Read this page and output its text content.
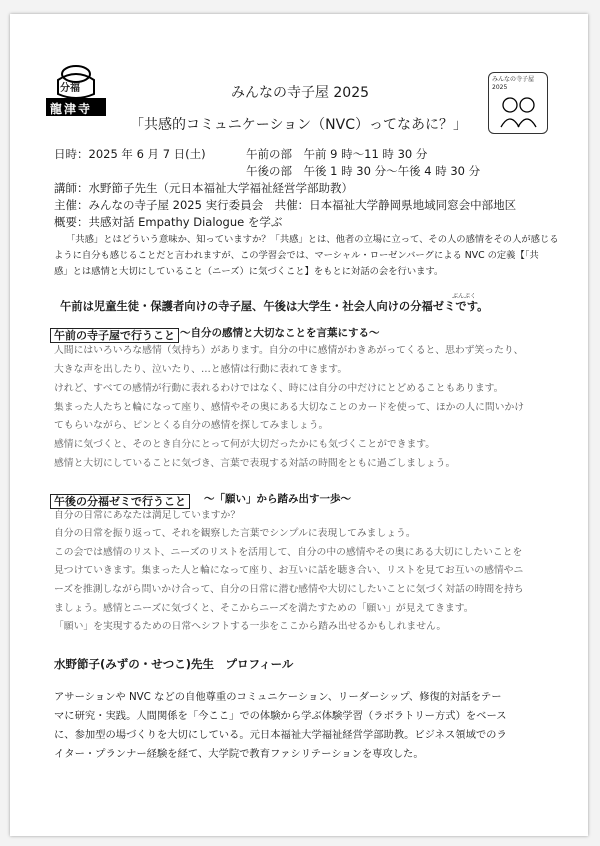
分福
龍津寺
みんなの寺子屋2025
みんなの寺子屋 2025
「共感的コミュニケーション（NVC）ってなあに？」
日時：2025 年 6 月 7 日(土)	午前の部　午前 9 時～11 時 30 分
午後の部　午後 1 時 30 分～午後 4 時 30 分
講師：水野節子先生（元日本福祉大学福祉経営学部助教）
主催：みんなの寺子屋 2025 実行委員会　共催：日本福祉大学静岡県地域同窓会中部地区
概要：共感対話 Empathy Dialogue を学ぶ
「共感」とはどういう意味か、知っていますか？「共感」とは、他者の立場に立って、その人の感情をその人が感じる
ように自分も感じることだと言われますが、この学習会では、マーシャル・ローゼンバーグによる NVC の定義【「共
感」とは感情と大切にしていること（ニーズ）に気づくこと】をもとに対話の会を行います。
ぶんぷく
午前は児童生徒・保護者向けの寺子屋、午後は大学生・社会人向けの分福ゼミです。
午前の寺子屋で行うこと ～自分の感情と大切なことを言葉にする～
人間にはいろいろな感情（気持ち）があります。自分の中に感情がわきあがってくると、思わず笑ったり、
大きな声を出したり、泣いたり、…と感情は行動に表れてきます。
けれど、すべての感情が行動に表れるわけではなく、時には自分の中だけにとどめることもあります。
集まった人たちと輪になって座り、感情やその奥にある大切なことのカードを使って、ほかの人に問いかけ
てもらいながら、ピンとくる自分の感情を探してみましょう。
感情に気づくと、そのとき自分にとって何が大切だったかにも気づくことができます。
感情と大切にしていることに気づき、言葉で表現する対話の時間をともに過ごしましょう。
午後の分福ゼミで行うこと	～「願い」から踏み出す一歩～
自分の日常にあなたは満足していますか？
自分の日常を振り返って、それを観察した言葉でシンプルに表現してみましょう。
この会では感情のリスト、ニーズのリストを活用して、自分の中の感情やその奥にある大切にしたいことを
見つけていきます。集まった人と輪になって座り、お互いに話を聴き合い、リストを見てお互いの感情やニ
ーズを推測しながら問いかけ合って、自分の日常に潜む感情や大切にしたいことに気づく対話の時間を持ち
ましょう。感情とニーズに気づくと、そこからニーズを満たすための「願い」が見えてきます。
「願い」を実現するための日常へシフトする一歩をここから踏み出せるかもしれません。
水野節子(みずの・せつこ)先生　プロフィール
アサーションや NVC などの自他尊重のコミュニケーション、リーダーシップ、修復的対話をテー
マに研究・実践。人間関係を「今ここ」での体験から学ぶ体験学習（ラボラトリー方式）をベース
に、参加型の場づくりを大切にしている。元日本福祉大学福祉経営学部助教。ビジネス領域でのラ
イター・プランナー経験を経て、大学院で教育ファシリテーションを専攻した。
